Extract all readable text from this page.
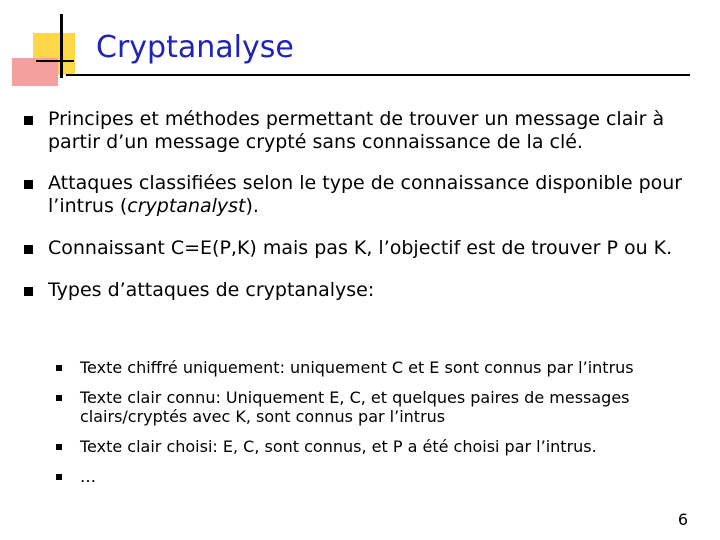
Cryptanalyse
Principes et méthodes permettant de trouver un message clair à partir d’un message crypté sans connaissance de la clé.
Attaques classifiées selon le type de connaissance disponible pour l’intrus (cryptanalyst).
Connaissant C=E(P,K) mais pas K, l’objectif est de trouver P ou K.
Types d’attaques de cryptanalyse:
Texte chiffré uniquement: uniquement C et E sont connus par l’intrus
Texte clair connu: Uniquement E, C, et quelques paires de messages clairs/cryptés avec K, sont connus par l’intrus
Texte clair choisi: E, C, sont connus, et P a été choisi par l’intrus.
…
6
